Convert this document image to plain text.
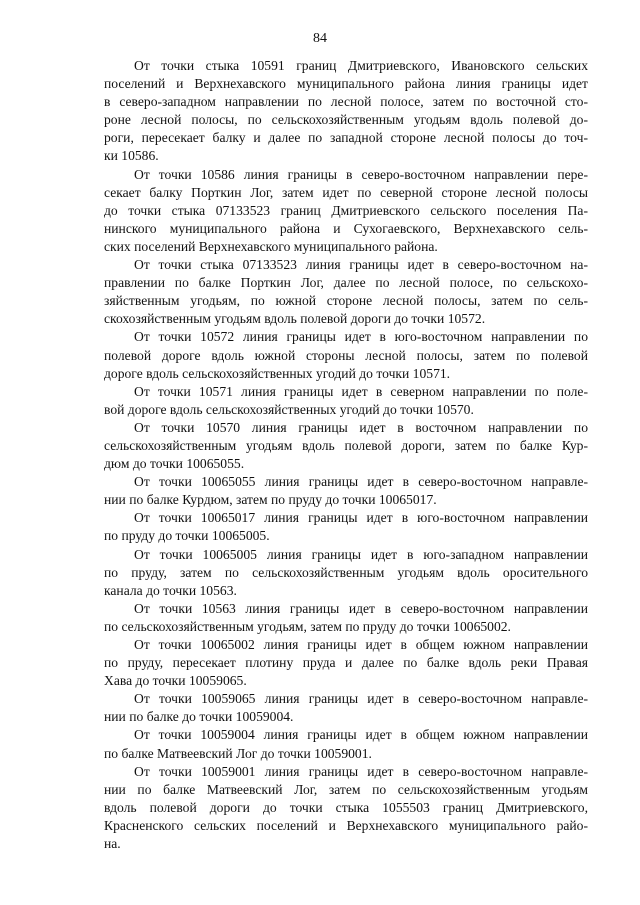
84

От точки стыка 10591 границ Дмитриевского, Ивановского сельских
поселений и Верхнехавского муниципального района линия границы идет
в северо-западном направлении по лесной полосе, затем по восточной сто-
роне лесной полосы, по сельскохозяйственным угодьям вдоль полевой до-
роги, пересекает балку и далее по западной стороне лесной полосы до точ-
ки 10586.

От точки 10586 линия границы в северо-восточном направлении пере-
секает балку Порткин Лог, затем идет по северной стороне лесной полосы
до точки стыка 07133523 границ Дмитриевского сельского поселения Па-
нинского муниципального района и Сухогаевского, Верхнехавского сель-
ских поселений Верхнехавского муниципального района.

От точки стыка 07133523 линия границы идет в северо-восточном на-
правлении по балке Порткин Лог, далее по лесной полосе, по сельскохо-
зяйственным угодьям, по южной стороне лесной полосы, затем по сель-
скохозяйственным угодьям вдоль полевой дороги до точки 10572.

От точки 10572 линия границы идет в юго-восточном направлении по
полевой дороге вдоль южной стороны лесной полосы, затем по полевой
дороге вдоль сельскохозяйственных угодий до точки 10571.

От точки 10571 линия границы идет в северном направлении по поле-
вой дороге вдоль сельскохозяйственных угодий до точки 10570.

От точки 10570 линия границы идет в восточном направлении по
сельскохозяйственным угодьям вдоль полевой дороги, затем по балке Кур-
дюм до точки 10065055.

От точки 10065055 линия границы идет в северо-восточном направле-
нии по балке Курдюм, затем по пруду до точки 10065017.

От точки 10065017 линия границы идет в юго-восточном направлении
по пруду до точки 10065005.

От точки 10065005 линия границы идет в юго-западном направлении
по пруду, затем по сельскохозяйственным угодьям вдоль оросительного
канала до точки 10563.

От точки 10563 линия границы идет в северо-восточном направлении
по сельскохозяйственным угодьям, затем по пруду до точки 10065002.

От точки 10065002 линия границы идет в общем южном направлении
по пруду, пересекает плотину пруда и далее по балке вдоль реки Правая
Хава до точки 10059065.

От точки 10059065 линия границы идет в северо-восточном направле-
нии по балке до точки 10059004.

От точки 10059004 линия границы идет в общем южном направлении
по балке Матвеевский Лог до точки 10059001.

От точки 10059001 линия границы идет в северо-восточном направле-
нии по балке Матвеевский Лог, затем по сельскохозяйственным угодьям
вдоль полевой дороги до точки стыка 1055503 границ Дмитриевского,
Красненского сельских поселений и Верхнехавского муниципального райо-
на.
